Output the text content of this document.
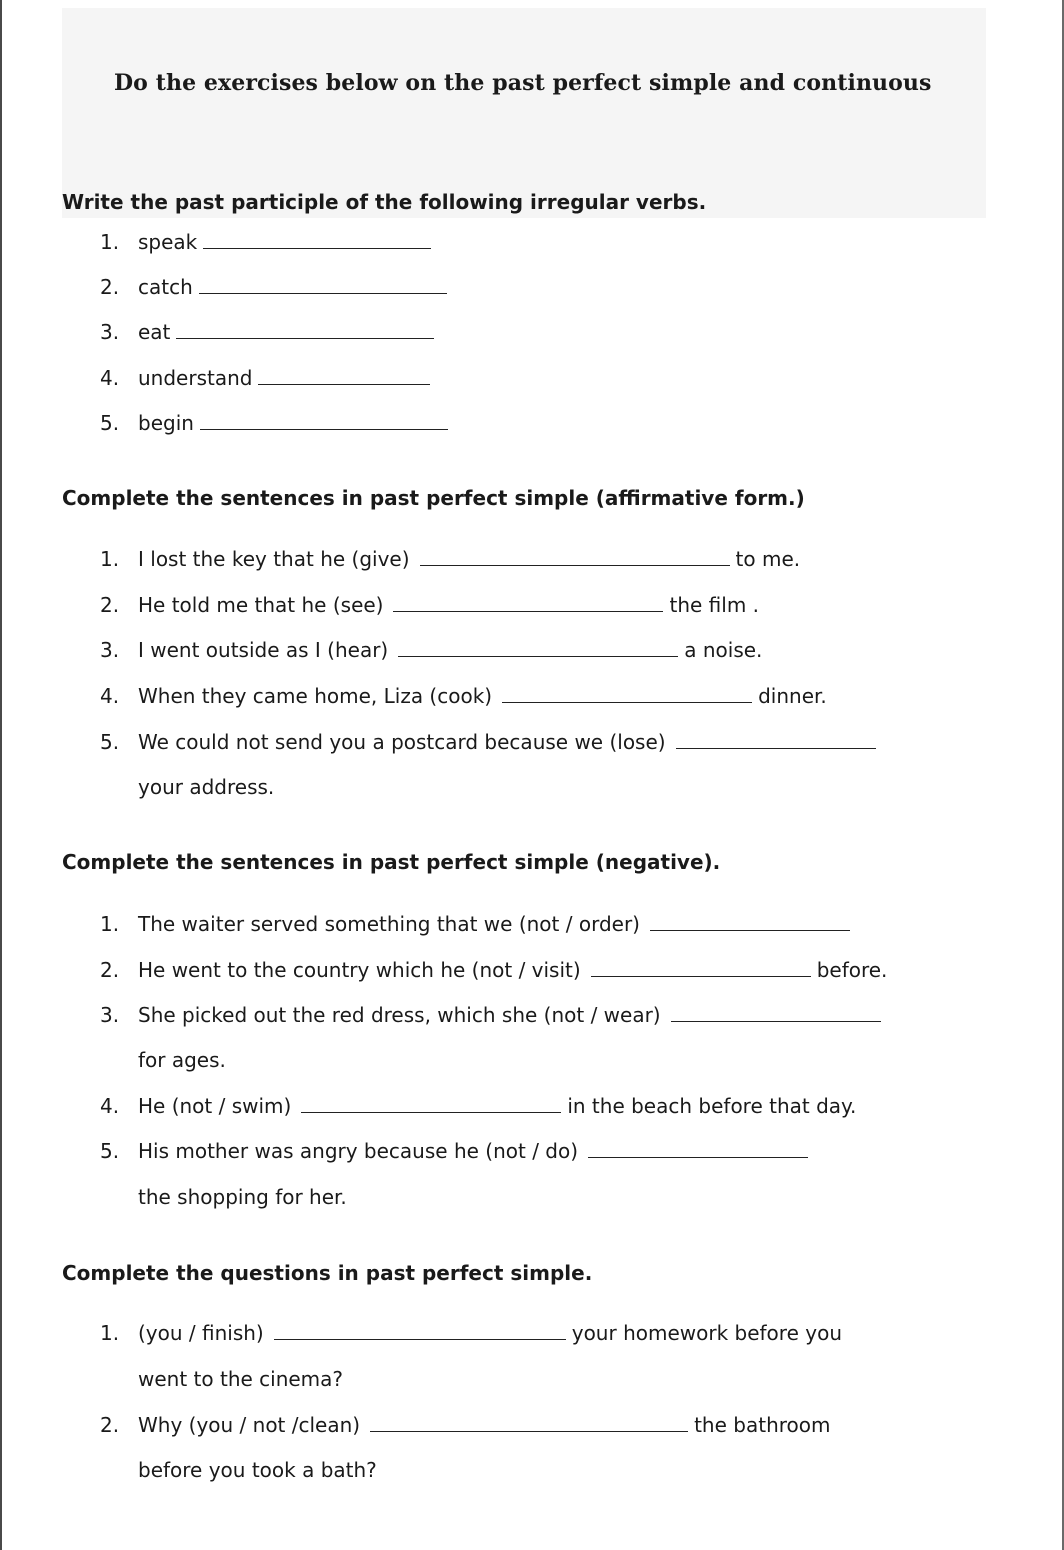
Do the exercises below on the past perfect simple and continuous
Write the past participle of the following irregular verbs.
1. speak
2. catch
3. eat
4. understand
5. begin
Complete the sentences in past perfect simple (affirmative form.)
1. I lost the key that he (give)	to me.
2. He told me that he (see)	the film .
3. I went outside as I (hear)	a noise.
4. When they came home, Liza (cook)	dinner.
5. We could not send you a postcard because we (lose)
your address.
Complete the sentences in past perfect simple (negative).
1. The waiter served something that we (not / order)
2. He went to the country which he (not / visit)	before.
3. She picked out the red dress, which she (not / wear)
for ages.
4. He (not / swim)	in the beach before that day.
5. His mother was angry because he (not / do)
the shopping for her.
Complete the questions in past perfect simple.
1. (you / finish)	your homework before you
went to the cinema?
2. Why (you / not /clean)	the bathroom
before you took a bath?
